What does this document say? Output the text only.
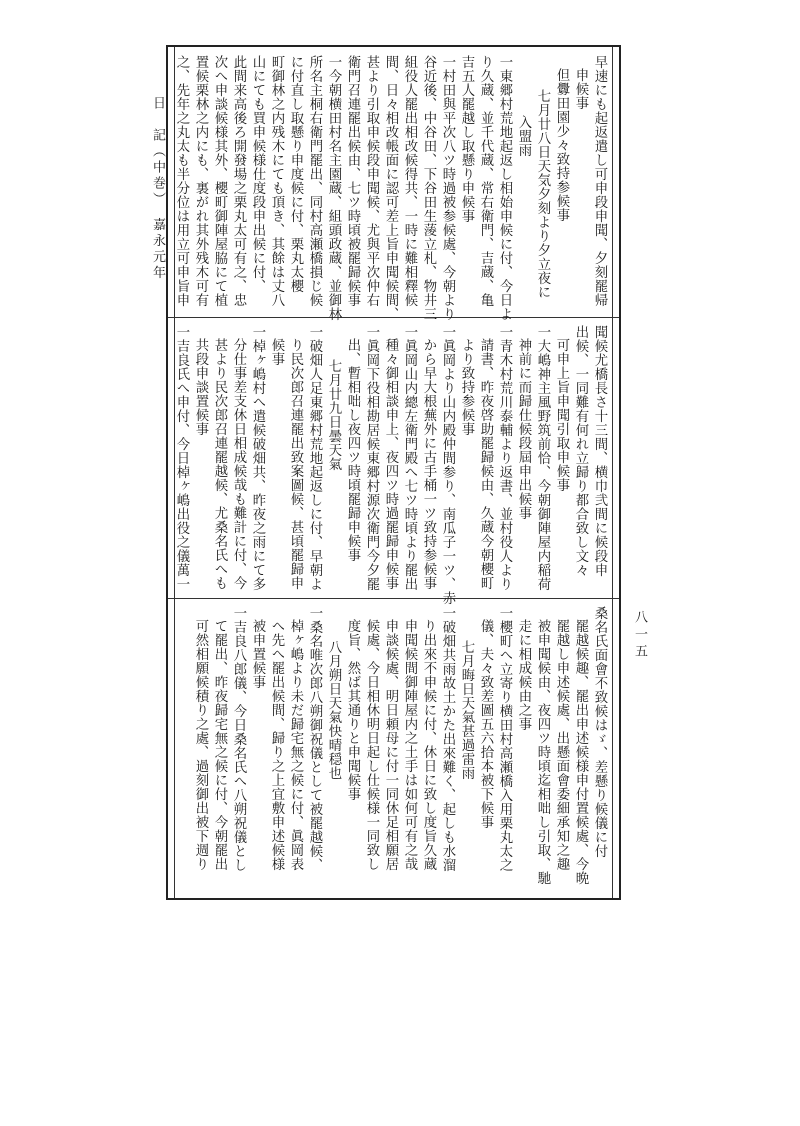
日　記（中巻）　嘉永元年	早速にも起返遣し可申段申聞、夕刻罷帰
申候事
但釁田園少々致持参候事
七月廿八日天気夕刻より夕立夜に
入盟雨
一東郷村荒地起返し相始申候に付、今日よ
り久蔵、並千代蔵、常右衛門、吉蔵、亀
吉五人罷越し取懸り申候事
一村田與平次八ツ時過被参候處、今朝より
谷近後、中谷田、下谷田生蔆立札、物井三
組役人罷出相改候得共、一時に難相釋候
間、日々相改帳面に認可差上旨申聞候間、
甚より引取申候段申聞候、尤與平次仲右
衛門召連罷出候由、七ツ時頃被罷歸候事
一今朝横田村名主園蔵、組頭政蔵、並御林
所名主桐右衛門罷出、同村高瀬橋損じ候
に付直し取懸り申度候に付、栗丸太櫻
町御林之内残木にても頂き、其餘は丈八
山にても買申候様仕度段申出候に付、
此間来高後ろ開發場之栗丸太可有之、忠
次へ申談候様其外、櫻町御陣屋脇にて植
置候栗林之内にも、裏がれ其外残木可有
之、先年之丸太も半分位は用立可申旨申
聞候尤橋長さ十三間、横巾弐間に候段申
出候、一同難有何れ立歸り都合致し文々
可申上旨申聞引取申候事
一大嶋神主風野筑前恰、今朝御陣屋内稲荷
神前に而歸仕候段屆申出候事
一青木村荒川泰輔より返書、並村役人より
請書、昨夜啓助罷歸候由、久蔵今朝櫻町
より致持参候事
一眞岡より山内殿仲間参り、南瓜子一ツ、赤
から早大根蕪外に古手桶一ツ致持参候事
一眞岡山内總左衛門殿へ七ツ時頃より罷出
種々御相談申上、夜四ツ時過罷歸申候事
一眞岡下役相勘居候東郷村源次衛門今夕罷
出、暫相咄し夜四ツ時頃罷歸申候事
七月廿九日曇天氣
一破畑人足東郷村荒地起返しに付、早朝よ
り民次郎召連罷出致案圖候、甚頃罷歸申
候事
一棹ヶ嶋村へ遣候破畑共、昨夜之雨にて多
分仕事差支休日相成候哉も難計に付、今
甚より民次郎召連罷越候、尤桑名氏へも
共段申談置候事
一吉良氏へ申付、今日棹ヶ嶋出役之儀萬一
桑名氏面會不致候はゞ、差懸り候儀に付
罷越候趣、罷出申述候様申付置候處、今晩
罷越し申述候處、出懸面會委細承知之趣
被申聞候由、夜四ツ時頃迄相咄し引取、馳
走に相成候由之事
一櫻町へ立寄り横田村高瀬橋入用栗丸太之
儀、夫々致差圖五六拾本被下候事
七月晦日天氣甚過雷雨
一破畑共雨故土かた出來難く、起しも水溜
り出來不申候に付、休日に致し度旨久蔵
申聞候間御陣屋内之土手は如何可有之哉
申談候處、明日頼母に付一同休足相願居
候處、今日相休明日起し仕候様一同致し
度旨、然ば其通りと申聞候事
八月朔日天氣快晴穏也
一桑名唯次郎八朔御祝儀として被罷越候、
棹ヶ嶋より未だ歸宅無之候に付、眞岡表
へ先へ罷出候間、歸り之上宜敷申述候様
被申置候事
一吉良八郎儀、今日桑名氏へ八朔祝儀とし
て罷出、昨夜歸宅無之候に付、今朝罷出
可然相願候積り之處、過刻御出被下週り	八一五
